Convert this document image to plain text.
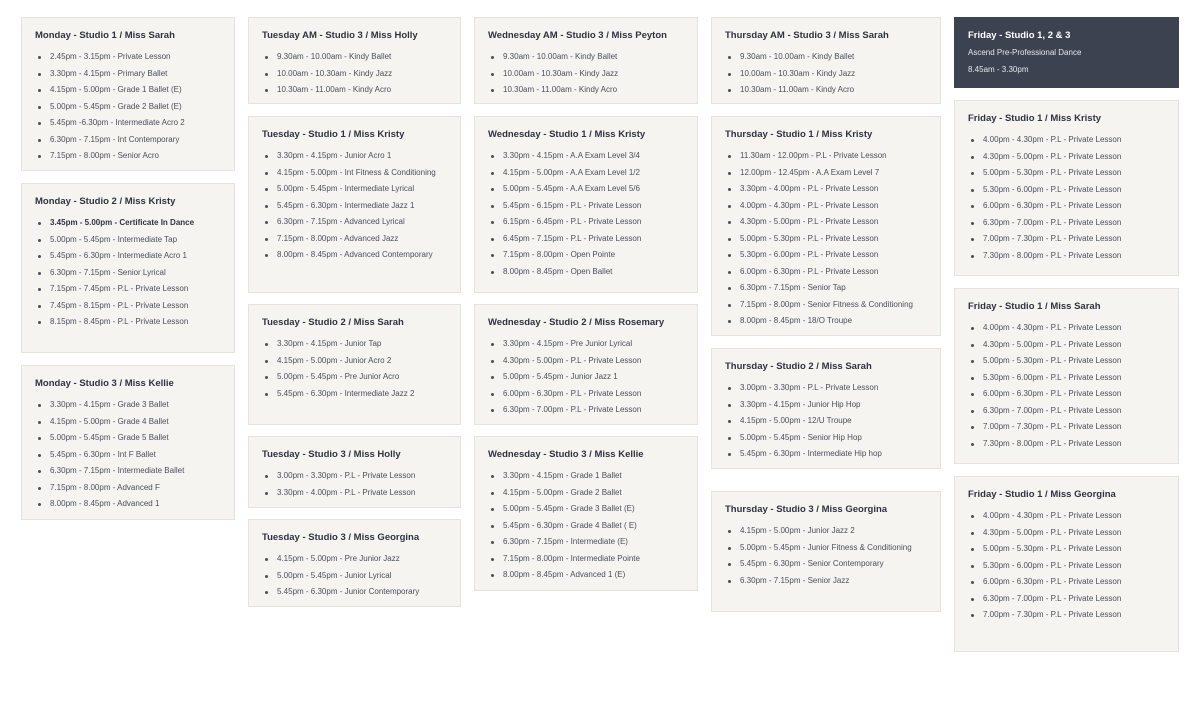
Monday - Studio 1 / Miss Sarah
2.45pm - 3.15pm - Private Lesson
3.30pm - 4.15pm - Primary Ballet
4.15pm - 5.00pm - Grade 1 Ballet (E)
5.00pm - 5.45pm - Grade 2 Ballet (E)
5.45pm -6.30pm - Intermediate Acro 2
6.30pm - 7.15pm - Int Contemporary
7.15pm - 8.00pm - Senior Acro
Monday - Studio 2 / Miss Kristy
3.45pm - 5.00pm - Certificate In Dance
5.00pm - 5.45pm - Intermediate Tap
5.45pm - 6.30pm - Intermediate Acro 1
6.30pm - 7.15pm - Senior Lyrical
7.15pm - 7.45pm - P.L - Private Lesson
7.45pm - 8.15pm - P.L - Private Lesson
8.15pm - 8.45pm - P.L - Private Lesson
Monday - Studio 3 / Miss Kellie
3.30pm - 4.15pm - Grade 3 Ballet
4.15pm - 5.00pm - Grade 4 Ballet
5.00pm - 5.45pm - Grade 5 Ballet
5.45pm - 6.30pm - Int F Ballet
6.30pm - 7.15pm - Intermediate Ballet
7.15pm - 8.00pm - Advanced F
8.00pm - 8.45pm - Advanced 1
Tuesday AM - Studio 3 / Miss Holly
9.30am - 10.00am - Kindy Ballet
10.00am - 10.30am - Kindy Jazz
10.30am - 11.00am - Kindy Acro
Tuesday - Studio 1 / Miss Kristy
3.30pm - 4.15pm - Junior Acro 1
4.15pm - 5.00pm - Int Fitness & Conditioning
5.00pm - 5.45pm - Intermediate Lyrical
5.45pm - 6.30pm - Intermediate Jazz 1
6.30pm - 7.15pm - Advanced Lyrical
7.15pm - 8.00pm - Advanced Jazz
8.00pm - 8.45pm - Advanced Contemporary
Tuesday - Studio 2 / Miss Sarah
3.30pm - 4.15pm - Junior Tap
4.15pm - 5.00pm - Junior Acro 2
5.00pm - 5.45pm - Pre Junior Acro
5.45pm - 6.30pm - Intermediate Jazz 2
Tuesday - Studio 3 / Miss Holly
3.00pm - 3.30pm - P.L - Private Lesson
3.30pm - 4.00pm - P.L - Private Lesson
Tuesday - Studio 3 / Miss Georgina
4.15pm - 5.00pm - Pre Junior Jazz
5.00pm - 5.45pm - Junior Lyrical
5.45pm - 6.30pm - Junior Contemporary
Wednesday AM - Studio 3 / Miss Peyton
9.30am - 10.00am - Kindy Ballet
10.00am - 10.30am - Kindy Jazz
10.30am - 11.00am - Kindy Acro
Wednesday - Studio 1 / Miss Kristy
3.30pm - 4.15pm - A.A Exam Level 3/4
4.15pm - 5.00pm - A.A Exam Level 1/2
5.00pm - 5.45pm - A.A Exam Level 5/6
5.45pm - 6.15pm - P.L - Private Lesson
6.15pm - 6.45pm - P.L - Private Lesson
6.45pm - 7.15pm - P.L - Private Lesson
7.15pm - 8.00pm - Open Pointe
8.00pm - 8.45pm - Open Ballet
Wednesday - Studio 2 / Miss Rosemary
3.30pm - 4.15pm - Pre Junior Lyrical
4.30pm - 5.00pm - P.L - Private Lesson
5.00pm - 5.45pm - Junior Jazz 1
6.00pm - 6.30pm - P.L - Private Lesson
6.30pm - 7.00pm - P.L - Private Lesson
Wednesday - Studio 3 / Miss Kellie
3.30pm - 4.15pm - Grade 1 Ballet
4.15pm - 5.00pm - Grade 2 Ballet
5.00pm - 5.45pm - Grade 3 Ballet (E)
5.45pm - 6.30pm - Grade 4 Ballet ( E)
6.30pm - 7.15pm - Intermediate (E)
7.15pm - 8.00pm - Intermediate Pointe
8.00pm - 8.45pm - Advanced 1 (E)
Thursday AM - Studio 3 / Miss Sarah
9.30am - 10.00am - Kindy Ballet
10.00am - 10.30am - Kindy Jazz
10.30am - 11.00am - Kindy Acro
Thursday - Studio 1 / Miss Kristy
11.30am - 12.00pm - P.L - Private Lesson
12.00pm - 12.45pm - A.A Exam Level 7
3.30pm - 4.00pm - P.L - Private Lesson
4.00pm - 4.30pm - P.L - Private Lesson
4.30pm - 5.00pm - P.L - Private Lesson
5.00pm - 5.30pm - P.L - Private Lesson
5.30pm - 6.00pm - P.L - Private Lesson
6.00pm - 6.30pm - P.L - Private Lesson
6.30pm - 7.15pm - Senior Tap
7.15pm - 8.00pm - Senior Fitness & Conditioning
8.00pm - 8.45pm - 18/O Troupe
Thursday - Studio 2 / Miss Sarah
3.00pm - 3.30pm - P.L - Private Lesson
3.30pm - 4.15pm - Junior Hip Hop
4.15pm - 5.00pm - 12/U Troupe
5.00pm - 5.45pm - Senior Hip Hop
5.45pm - 6.30pm - Intermediate Hip hop
Thursday - Studio 3 / Miss Georgina
4.15pm - 5.00pm - Junior Jazz 2
5.00pm - 5.45pm - Junior Fitness & Conditioning
5.45pm - 6.30pm - Senior Contemporary
6.30pm - 7.15pm - Senior Jazz
Friday - Studio 1, 2 & 3
Ascend Pre-Professional Dance
8.45am - 3.30pm
Friday - Studio 1 / Miss Kristy
4.00pm - 4.30pm - P.L - Private Lesson
4.30pm - 5.00pm - P.L - Private Lesson
5.00pm - 5.30pm - P.L - Private Lesson
5.30pm - 6.00pm - P.L - Private Lesson
6.00pm - 6.30pm - P.L - Private Lesson
6.30pm - 7.00pm - P.L - Private Lesson
7.00pm - 7.30pm - P.L - Private Lesson
7.30pm - 8.00pm - P.L - Private Lesson
Friday - Studio 1 / Miss Sarah
4.00pm - 4.30pm - P.L - Private Lesson
4.30pm - 5.00pm - P.L - Private Lesson
5.00pm - 5.30pm - P.L - Private Lesson
5.30pm - 6.00pm - P.L - Private Lesson
6.00pm - 6.30pm - P.L - Private Lesson
6.30pm - 7.00pm - P.L - Private Lesson
7.00pm - 7.30pm - P.L - Private Lesson
7.30pm - 8.00pm - P.L - Private Lesson
Friday - Studio 1 / Miss Georgina
4.00pm - 4.30pm - P.L - Private Lesson
4.30pm - 5.00pm - P.L - Private Lesson
5.00pm - 5.30pm - P.L - Private Lesson
5.30pm - 6.00pm - P.L - Private Lesson
6.00pm - 6.30pm - P.L - Private Lesson
6.30pm - 7.00pm - P.L - Private Lesson
7.00pm - 7.30pm - P.L - Private Lesson
